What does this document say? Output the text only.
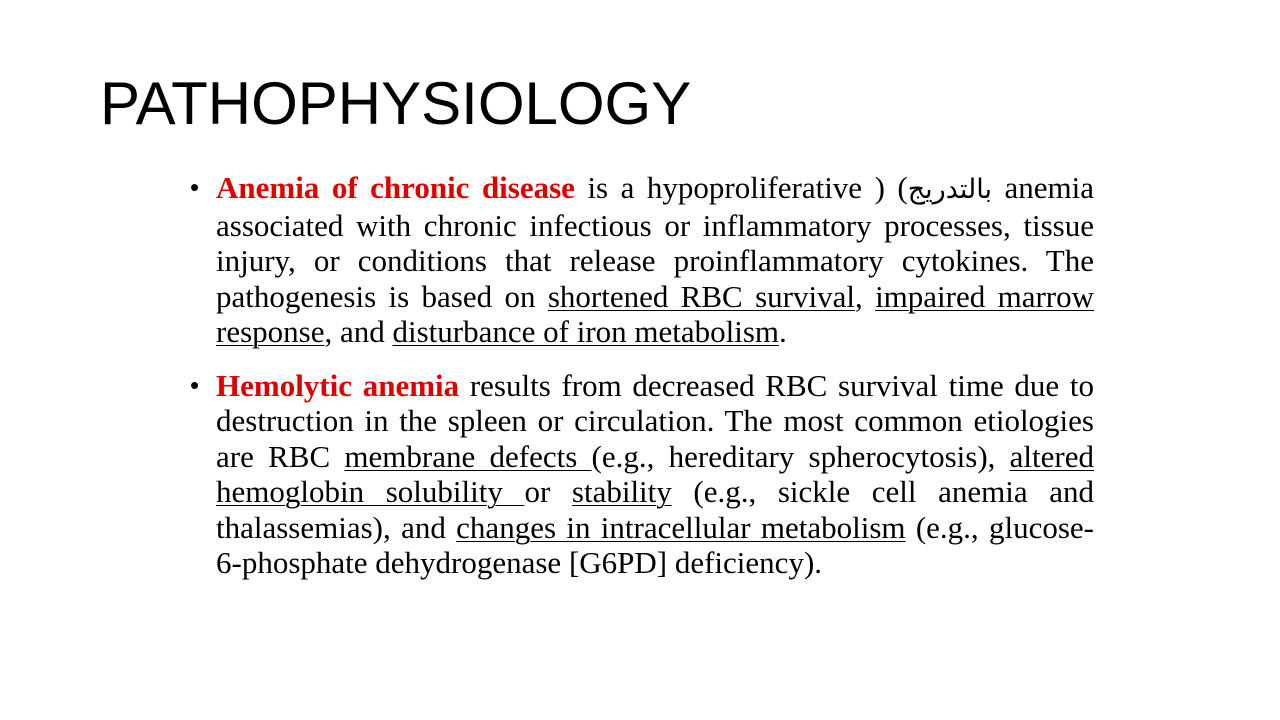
PATHOPHYSIOLOGY
• Anemia of chronic disease is a hypoproliferative ) (بالتدريج anemia associated with chronic infectious or inflammatory processes, tissue injury, or conditions that release proinflammatory cytokines. The pathogenesis is based on shortened RBC survival, impaired marrow response, and disturbance of iron metabolism.
• Hemolytic anemia results from decreased RBC survival time due to destruction in the spleen or circulation. The most common etiologies are RBC membrane defects (e.g., hereditary spherocytosis), altered hemoglobin solubility or stability (e.g., sickle cell anemia and thalassemias), and changes in intracellular metabolism (e.g., glucose-6-phosphate dehydrogenase [G6PD] deficiency).
